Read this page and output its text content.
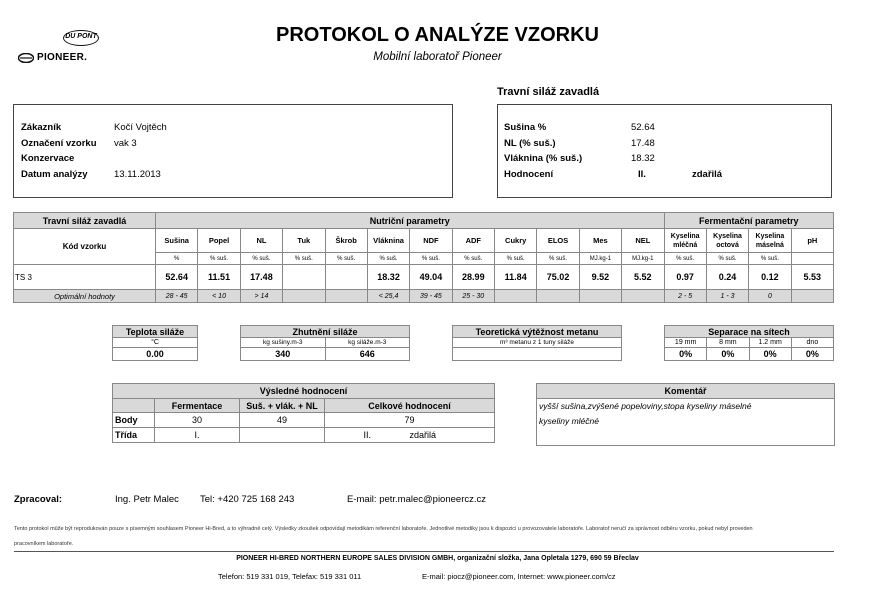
DU PONT
PIONEER.
PROTOKOL O ANALÝZE VZORKU
Mobilní laboratoř Pioneer
Zákazník	Kočí Vojtěch
Označení vzorku vak 3
Konzervace
Datum analýzy	13.11.2013
Travní siláž zavadlá
Sušina %	52.64
NL (% suš.)	17.48
Vláknina (% suš.)	18.32
Hodnocení	II.	zdařilá
Travní siláž zavadlá	Nutriční parametry												Fermentační parametry			
Kód vzorku	Sušina	Popel	NL	Tuk	Škrob	Vláknina	NDF	ADF	Cukry	ELOS	Mes	NEL	Kyselina mléčná	Kyselina octová	Kyselina máselná	pH
	%	% suš.	% suš.	% suš.	% suš.	% suš.	% suš.	% suš.	% suš.	% suš.	MJ.kg-1	MJ.kg-1	% suš.	% suš.	% suš.	
TS 3	52.64	11.51	17.48			18.32	49.04	28.99	11.84	75.02	9.52	5.52	0.97	0.24	0.12	5.53
Optimální hodnoty	28 - 45	< 10	> 14			< 25,4	39 - 45	25 - 30					2 - 5	1 - 3	0	
Teplota siláže
°C
0.00
Zhutnění siláže	
kg sušiny.m-3	kg siláže.m-3
340	646
Teoretická výtěžnost metanu
m³ metanu z 1 tuny siláže

Separace na sítech			
19 mm	8 mm	1.2 mm	dno
0%	0%	0%	0%
Výsledné hodnocení				
	Fermentace	Suš. + vlák. + NL	Celkové hodnocení	
Body	30	49	79	
Třída	I.		II.	zdařilá
Komentář
vyšší sušina,zvýšené popeloviny,stopa kyseliny máselné
kyseliny mléčné
Zpracoval:	Ing. Petr Malec Tel: +420 725 168 243	E-mail: petr.malec@pioneercz.cz
Tento protokol může být reprodukován pouze s písemným souhlasem Pioneer Hi-Bred, a to výhradně celý. Výsledky zkoušek odpovídají metodikám referenční laboratoře. Jednotlivé metodiky jsou k dispozici u provozovatele laboratoře. Laboratoř neručí za správnost odběru vzorku, pokud nebyl proveden
pracovníkem laboratoře.
PIONEER HI-BRED NORTHERN EUROPE SALES DIVISION GMBH, organizační složka, Jana Opletala 1279, 690 59 Břeclav
Telefon: 519 331 019, Telefax: 519 331 011	E-mail: piocz@pioneer.com, Internet: www.pioneer.com/cz
